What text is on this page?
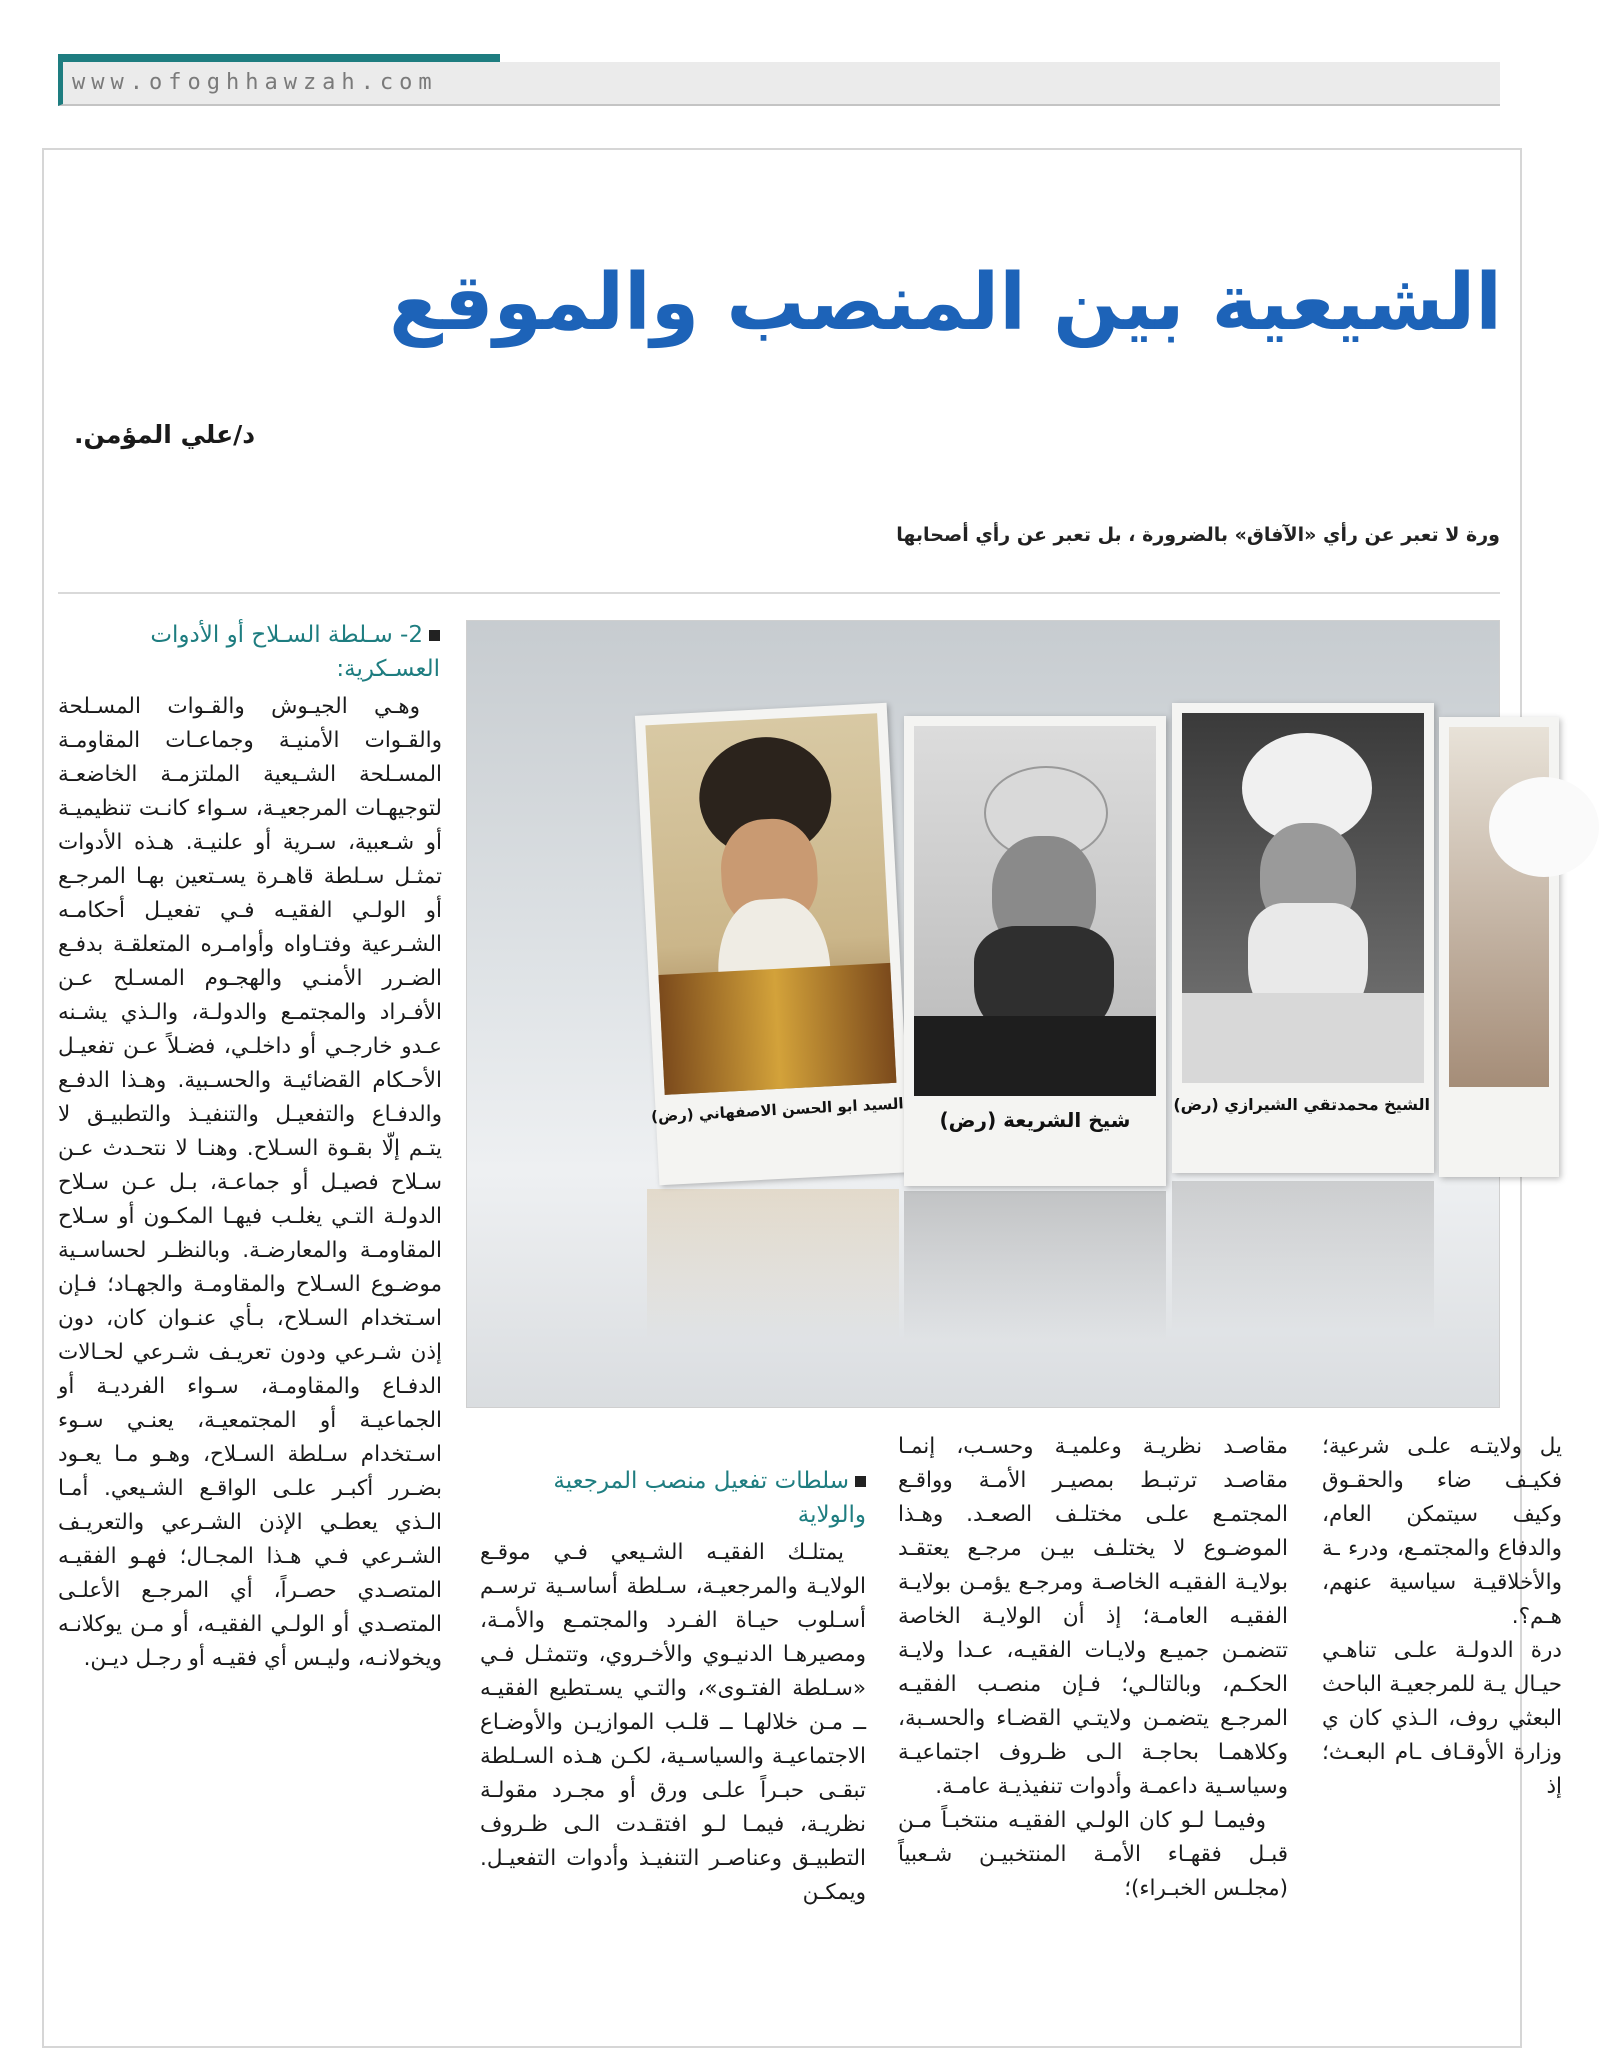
www.ofoghhawzah.com
الشيعية بين المنصب والموقع
د/علي المؤمن.
ورة لا تعبر عن رأي «الآفاق» بالضرورة ، بل تعبر عن رأي أصحابها
السيد ابو الحسن الاصفهاني (رض)	شيخ الشريعة (رض)
الشيخ محمدتقي الشيرازي (رض)
2- سـلطة السـلاح أو الأدوات العسـكرية:

وهـي الجيـوش والقـوات المسـلحة والقـوات الأمنيـة وجماعـات المقاومـة المسـلحة الشـيعية الملتزمـة الخاضعـة لتوجيهـات المرجعيـة، سـواء كانـت تنظيميـة أو شـعبية، سـرية أو علنيـة. هـذه الأدوات تمثـل سـلطة قاهـرة يسـتعين بهـا المرجـع أو الولـي الفقيـه فـي تفعيـل أحكامـه الشـرعية وفتـاواه وأوامـره المتعلقـة بدفـع الضـرر الأمنـي والهجـوم المسـلح عـن الأفـراد والمجتمـع والدولـة، والـذي يشـنه عـدو خارجـي أو داخلـي، فضـلاً عـن تفعيـل الأحـكام القضائيـة والحسـبية. وهـذا الدفـع والدفـاع والتفعيـل والتنفيـذ والتطبيـق لا يتـم إلّا بقـوة السـلاح. وهنـا لا نتحـدث عـن سـلاح فصيـل أو جماعـة، بـل عـن سـلاح الدولـة التـي يغلـب فيهـا المكـون أو سـلاح المقاومـة والمعارضـة. وبالنظـر لحساسـية موضـوع السـلاح والمقاومـة والجهـاد؛ فـإن اسـتخدام السـلاح، بـأي عنـوان كان، دون إذن شـرعي ودون تعريـف شـرعي لحـالات الدفـاع والمقاومـة، سـواء الفرديـة أو الجماعيـة أو المجتمعيـة، يعنـي سـوء اسـتخدام سـلطة السـلاح، وهـو مـا يعـود بضـرر أكبـر علـى الواقـع الشـيعي. أمـا الـذي يعطـي الإذن الشـرعي والتعريـف الشـرعي فـي هـذا المجـال؛ فهـو الفقيـه المتصـدي حصـراً، أي المرجـع الأعلـى المتصـدي أو الولـي الفقيـه، أو مـن يوكلانـه ويخولانـه، وليـس أي فقيـه أو رجـل ديـن.

سلطات تفعيل منصب المرجعية والولاية

يمتلـك الفقيـه الشـيعي فـي موقـع الولايـة والمرجعيـة، سـلطة أساسـية ترسـم أسـلوب حيـاة الفـرد والمجتمـع والأمـة، ومصيرهـا الدنيـوي والأخـروي، وتتمثـل فـي «سـلطة الفتـوى»، والتـي يسـتطيع الفقيـه ــ مـن خلالهـا ــ قلـب الموازيـن والأوضـاع الاجتماعيـة والسياسـية، لكـن هـذه السـلطة تبقـى حبـراً علـى ورق أو مجـرد مقولـة نظريـة، فيمـا لـو افتقـدت الـى ظـروف التطبيـق وعناصـر التنفيـذ وأدوات التفعيـل. ويمكـن

مقاصـد نظريـة وعلميـة وحسـب، إنمـا مقاصـد ترتبـط بمصيـر الأمـة وواقـع المجتمـع علـى مختلـف الصعـد. وهـذا الموضـوع لا يختلـف بيـن مرجـع يعتقـد بولايـة الفقيـه الخاصـة ومرجـع يؤمـن بولايـة الفقيـه العامـة؛ إذ أن الولايـة الخاصة تتضمـن جميـع ولايـات الفقيـه، عـدا ولايـة الحكـم، وبالتالـي؛ فـإن منصـب الفقيـه المرجـع يتضمـن ولايتـي القضـاء والحسـبة، وكلاهمـا بحاجـة الـى ظـروف اجتماعيـة وسياسـية داعمـة وأدوات تنفيذيـة عامـة.

وفيمـا لـو كان الولـي الفقيـه منتخبـاً مـن قبـل فقهـاء الأمـة المنتخبيـن شـعبياً (مجلـس الخبـراء)؛

يل ولايتـه علـى شرعية؛ فكيـف ضاء والحقـوق وكيف سيتمكن العام، والدفاع والمجتمـع، ودرء ـة والأخلاقيـة سياسية عنهم، هـم؟.

درة الدولـة علـى تناهـي حيـال يـة للمرجعيـة الباحث البعثي روف، الـذي كان ي وزارة الأوقـاف ـام البعـث؛ إذ
